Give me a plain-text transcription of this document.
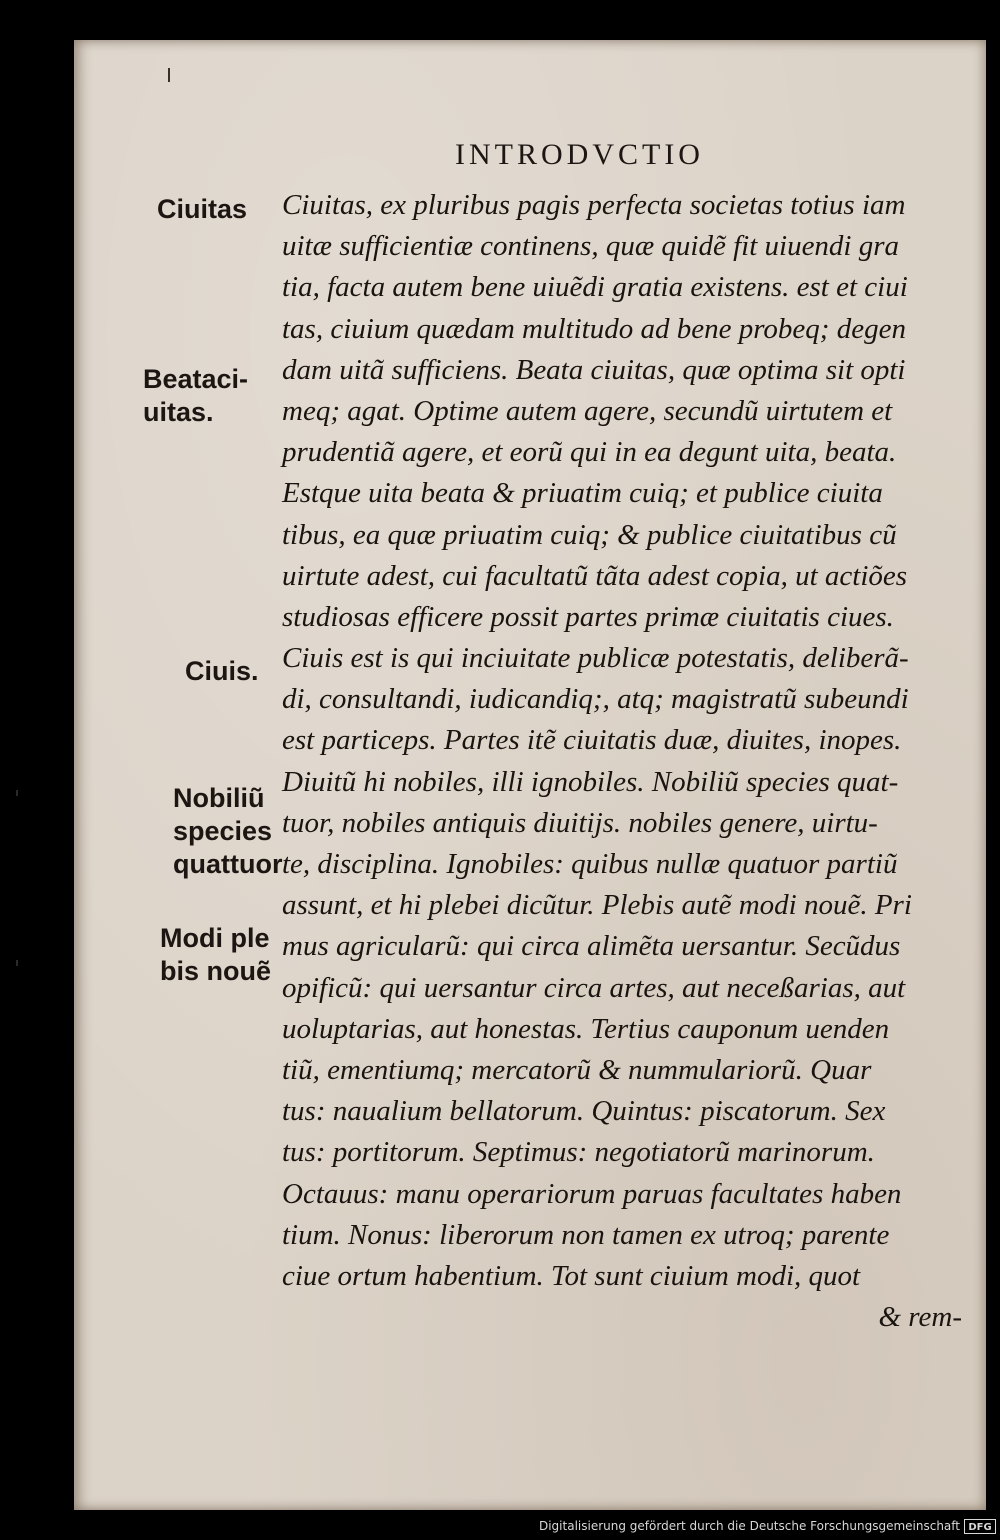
INTRODVCTIO
Ciuitas
Beataci-
uitas.
Ciuis.
Nobiliũ
species
quattuor
Modi ple
bis nouẽ
Ciuitas, ex pluribus pagis perfecta societas totius iam
uitæ sufficientiæ continens, quæ quidẽ fit uiuendi gra
tia, facta autem bene uiuẽdi gratia existens. est et ciui
tas, ciuium quædam multitudo ad bene probeq; degen
dam uitã sufficiens. Beata ciuitas, quæ optima sit opti
meq; agat. Optime autem agere, secundũ uirtutem et
prudentiã agere, et eorũ qui in ea degunt uita, beata.
Estque uita beata & priuatim cuiq; et publice ciuita
tibus, ea quæ priuatim cuiq; & publice ciuitatibus cũ
uirtute adest, cui facultatũ tãta adest copia, ut actiões
studiosas efficere possit partes primæ ciuitatis ciues.
Ciuis est is qui inciuitate publicæ potestatis, deliberã-
di, consultandi, iudicandiq;, atq; magistratũ subeundi
est particeps. Partes itẽ ciuitatis duæ, diuites, inopes.
Diuitũ hi nobiles, illi ignobiles. Nobiliũ species quat-
tuor, nobiles antiquis diuitijs. nobiles genere, uirtu-
te, disciplina. Ignobiles: quibus nullæ quatuor partiũ
assunt, et hi plebei dicũtur. Plebis autẽ modi nouẽ. Pri
mus agricularũ: qui circa alimẽta uersantur. Secũdus
opificũ: qui uersantur circa artes, aut neceßarias, aut
uoluptarias, aut honestas. Tertius cauponum uenden
tiũ, ementiumq; mercatorũ & nummulariorũ. Quar
tus: naualium bellatorum. Quintus: piscatorum. Sex
tus: portitorum. Septimus: negotiatorũ marinorum.
Octauus: manu operariorum paruas facultates haben
tium. Nonus: liberorum non tamen ex utroq; parente
ciue ortum habentium. Tot sunt ciuium modi, quot
& rem-
Digitalisierung gefördert durch die Deutsche Forschungsgemeinschaft DFG
